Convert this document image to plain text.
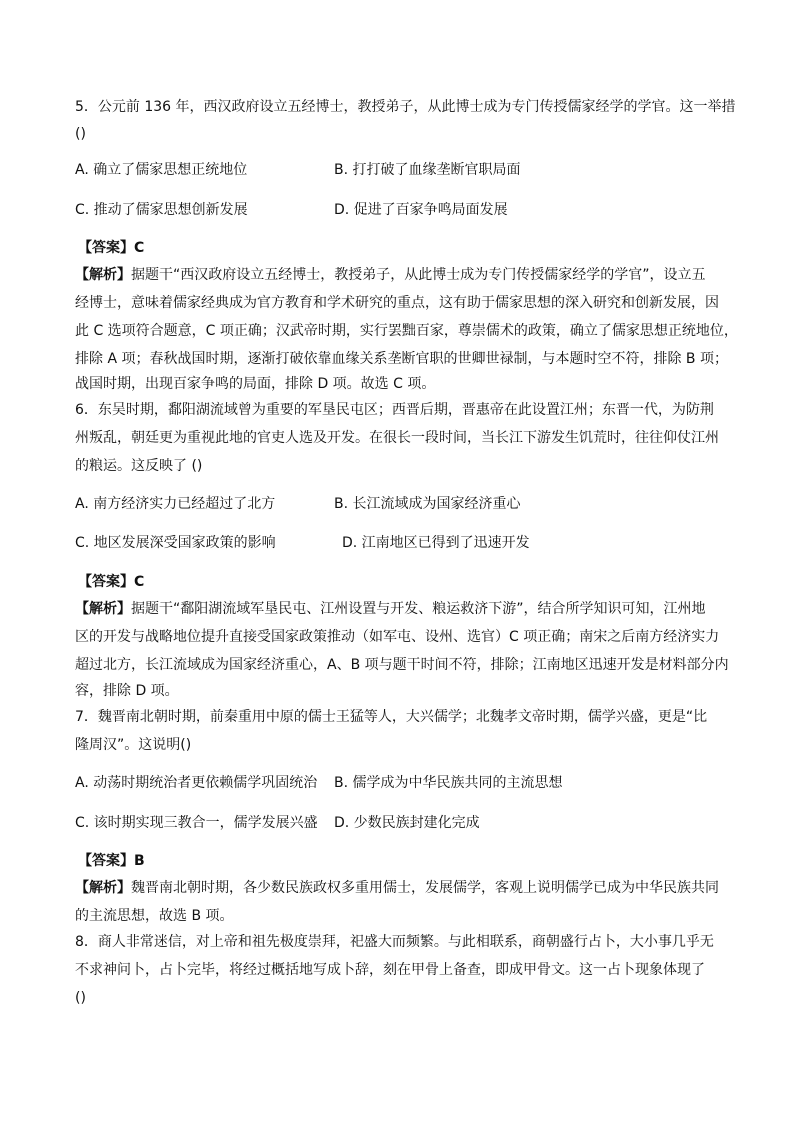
5．公元前 136 年，西汉政府设立五经博士，教授弟子，从此博士成为专门传授儒家经学的学官。这一举措
()
A. 确立了儒家思想正统地位	B. 打打破了血缘垄断官职局面
C. 推动了儒家思想创新发展	D. 促进了百家争鸣局面发展
【答案】C
【解析】据题干“西汉政府设立五经博士，教授弟子，从此博士成为专门传授儒家经学的学官”，设立五
经博士，意味着儒家经典成为官方教育和学术研究的重点，这有助于儒家思想的深入研究和创新发展，因
此 C 选项符合题意，C 项正确；汉武帝时期，实行罢黜百家，尊崇儒术的政策，确立了儒家思想正统地位，
排除 A 项；春秋战国时期，逐渐打破依靠血缘关系垄断官职的世卿世禄制，与本题时空不符，排除 B 项；
战国时期，出现百家争鸣的局面，排除 D 项。故选 C 项。
6．东吴时期，鄱阳湖流域曾为重要的军垦民屯区；西晋后期，晋惠帝在此设置江州；东晋一代，为防荆
州叛乱，朝廷更为重视此地的官吏人选及开发。在很长一段时间，当长江下游发生饥荒时，往往仰仗江州
的粮运。这反映了 ()
A. 南方经济实力已经超过了北方	B. 长江流域成为国家经济重心
C. 地区发展深受国家政策的影响	D. 江南地区已得到了迅速开发
【答案】C
【解析】据题干“鄱阳湖流域军垦民屯、江州设置与开发、粮运救济下游”，结合所学知识可知，江州地
区的开发与战略地位提升直接受国家政策推动（如军屯、设州、选官）C 项正确；南宋之后南方经济实力
超过北方，长江流域成为国家经济重心，A、B 项与题干时间不符，排除；江南地区迅速开发是材料部分内
容，排除 D 项。
7．魏晋南北朝时期，前秦重用中原的儒士王猛等人，大兴儒学；北魏孝文帝时期，儒学兴盛，更是“比
隆周汉”。这说明()
A. 动荡时期统治者更依赖儒学巩固统治 B. 儒学成为中华民族共同的主流思想
C. 该时期实现三教合一，儒学发展兴盛 D. 少数民族封建化完成
【答案】B
【解析】魏晋南北朝时期，各少数民族政权多重用儒士，发展儒学，客观上说明儒学已成为中华民族共同
的主流思想，故选 B 项。
8．商人非常迷信，对上帝和祖先极度崇拜，祀盛大而频繁。与此相联系，商朝盛行占卜，大小事几乎无
不求神问卜，占卜完毕，将经过概括地写成卜辞，刻在甲骨上备查，即成甲骨文。这一占卜现象体现了
()
